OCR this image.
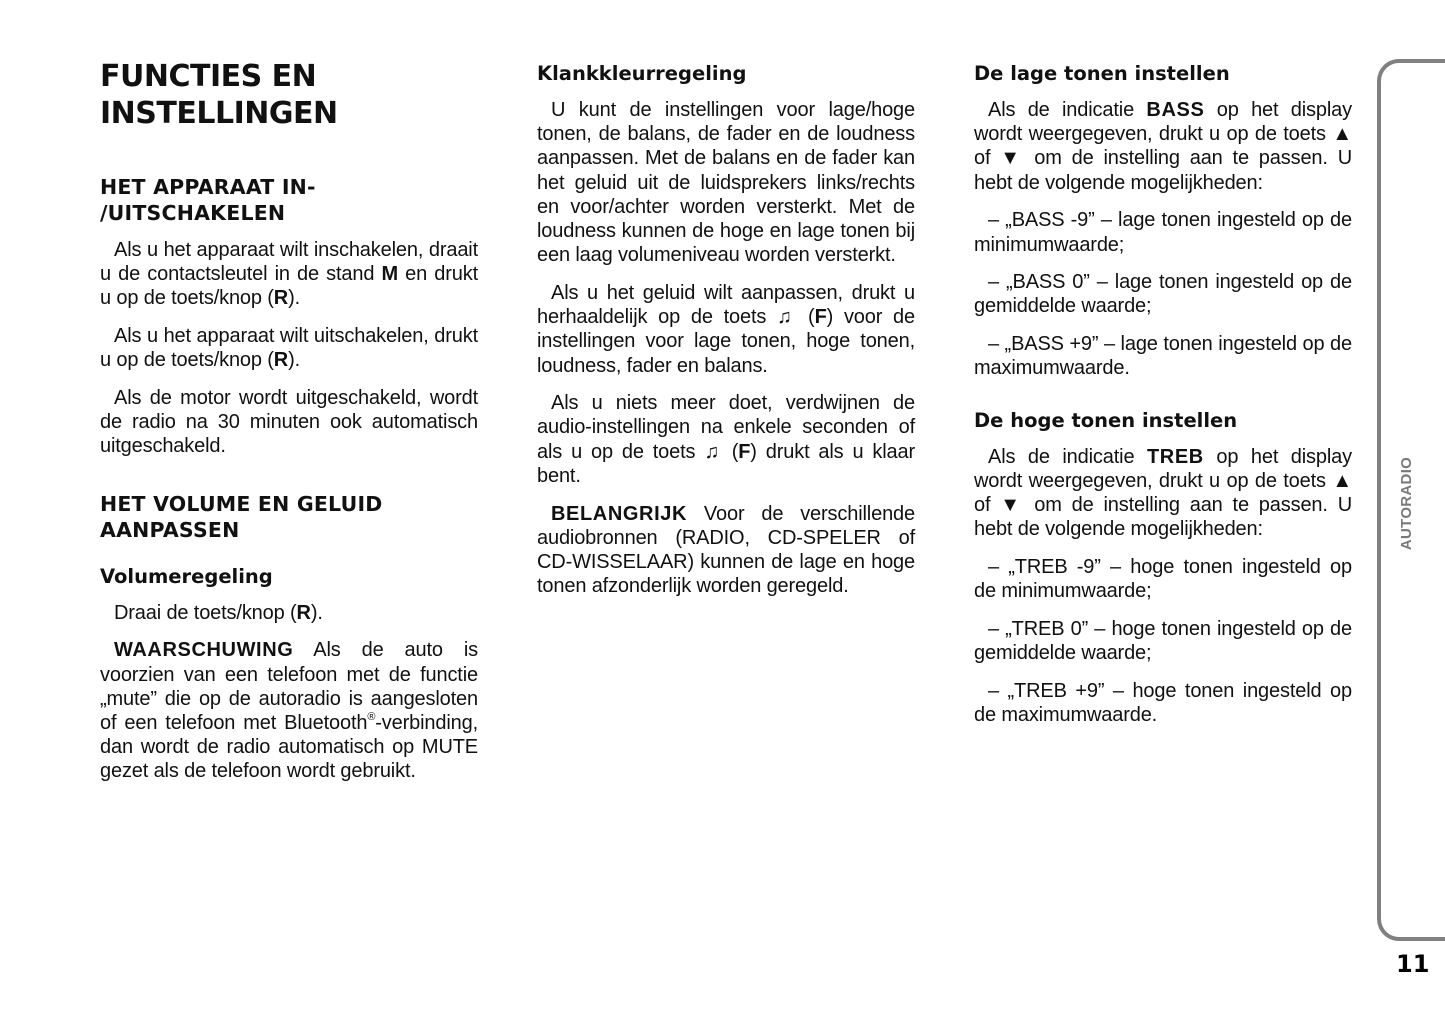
FUNCTIES EN
INSTELLINGEN
HET APPARAAT IN-
/UITSCHAKELEN

Als u het apparaat wilt inschakelen, draait u de contactsleutel in de stand M en drukt u op de toets/knop (R).

Als u het apparaat wilt uitschakelen, drukt u op de toets/knop (R).

Als de motor wordt uitgeschakeld, wordt de radio na 30 minuten ook automatisch uitgeschakeld.

HET VOLUME EN GELUID
AANPASSEN
Volumeregeling

Draai de toets/knop (R).

WAARSCHUWING Als de auto is voorzien van een telefoon met de functie „mute” die op de autoradio is aangesloten of een telefoon met Bluetooth®-verbinding, dan wordt de radio automatisch op MUTE gezet als de telefoon wordt gebruikt.

Klankkleurregeling

U kunt de instellingen voor lage/hoge tonen, de balans, de fader en de loudness aanpassen. Met de balans en de fader kan het geluid uit de luidsprekers links/rechts en voor/achter worden versterkt. Met de loudness kunnen de hoge en lage tonen bij een laag volumeniveau worden versterkt.

Als u het geluid wilt aanpassen, drukt u herhaaldelijk op de toets ♫ (F) voor de instellingen voor lage tonen, hoge tonen, loudness, fader en balans.

Als u niets meer doet, verdwijnen de audio-instellingen na enkele seconden of als u op de toets ♫ (F) drukt als u klaar bent.

BELANGRIJK Voor de verschillende audiobronnen (RADIO, CD-SPELER of CD-WISSELAAR) kunnen de lage en hoge tonen afzonderlijk worden geregeld.

De lage tonen instellen

Als de indicatie BASS op het display wordt weergegeven, drukt u op de toets ▲ of ▼ om de instelling aan te passen. U hebt de volgende mogelijkheden:

– „BASS -9” – lage tonen ingesteld op de minimumwaarde;

– „BASS 0” – lage tonen ingesteld op de gemiddelde waarde;

– „BASS +9” – lage tonen ingesteld op de maximumwaarde.

De hoge tonen instellen

Als de indicatie TREB op het display wordt weergegeven, drukt u op de toets ▲ of ▼ om de instelling aan te passen. U hebt de volgende mogelijkheden:

– „TREB -9” – hoge tonen ingesteld op de minimumwaarde;

– „TREB 0” – hoge tonen ingesteld op de gemiddelde waarde;

– „TREB +9” – hoge tonen ingesteld op de maximumwaarde.

AUTORADIO
11
